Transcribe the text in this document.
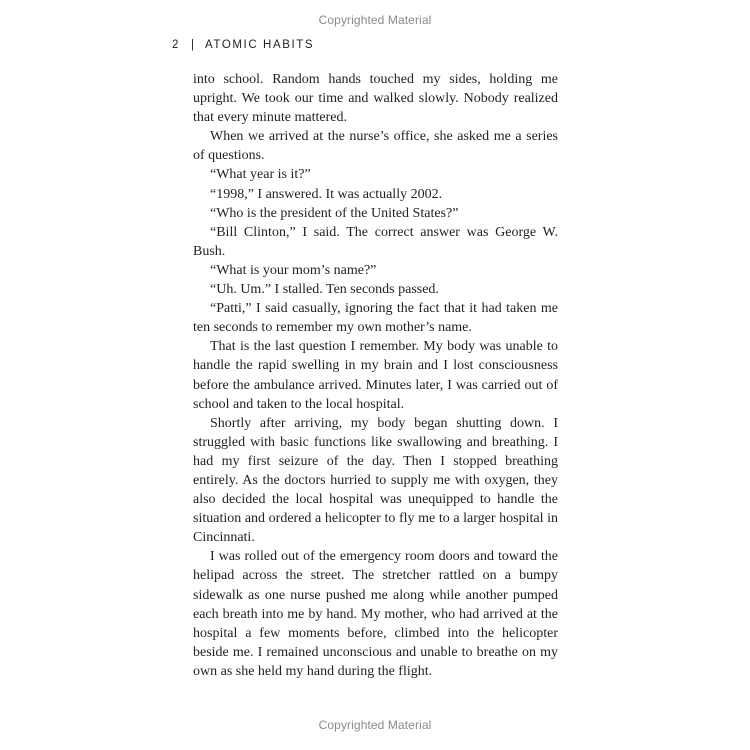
Copyrighted Material
2 | ATOMIC HABITS

into school. Random hands touched my sides, holding me upright. We took our time and walked slowly. Nobody realized that every minute mattered.

When we arrived at the nurse’s office, she asked me a series of questions.

“What year is it?”

“1998,” I answered. It was actually 2002.

“Who is the president of the United States?”

“Bill Clinton,” I said. The correct answer was George W. Bush.

“What is your mom’s name?”

“Uh. Um.” I stalled. Ten seconds passed.

“Patti,” I said casually, ignoring the fact that it had taken me ten seconds to remember my own mother’s name.

That is the last question I remember. My body was unable to handle the rapid swelling in my brain and I lost consciousness before the ambulance arrived. Minutes later, I was carried out of school and taken to the local hospital.

Shortly after arriving, my body began shutting down. I struggled with basic functions like swallowing and breathing. I had my first seizure of the day. Then I stopped breathing entirely. As the doctors hurried to supply me with oxygen, they also decided the local hospital was unequipped to handle the situation and ordered a helicopter to fly me to a larger hospital in Cincinnati.

I was rolled out of the emergency room doors and toward the helipad across the street. The stretcher rattled on a bumpy sidewalk as one nurse pushed me along while another pumped each breath into me by hand. My mother, who had arrived at the hospital a few moments before, climbed into the helicopter beside me. I remained unconscious and unable to breathe on my own as she held my hand during the flight.

Copyrighted Material
